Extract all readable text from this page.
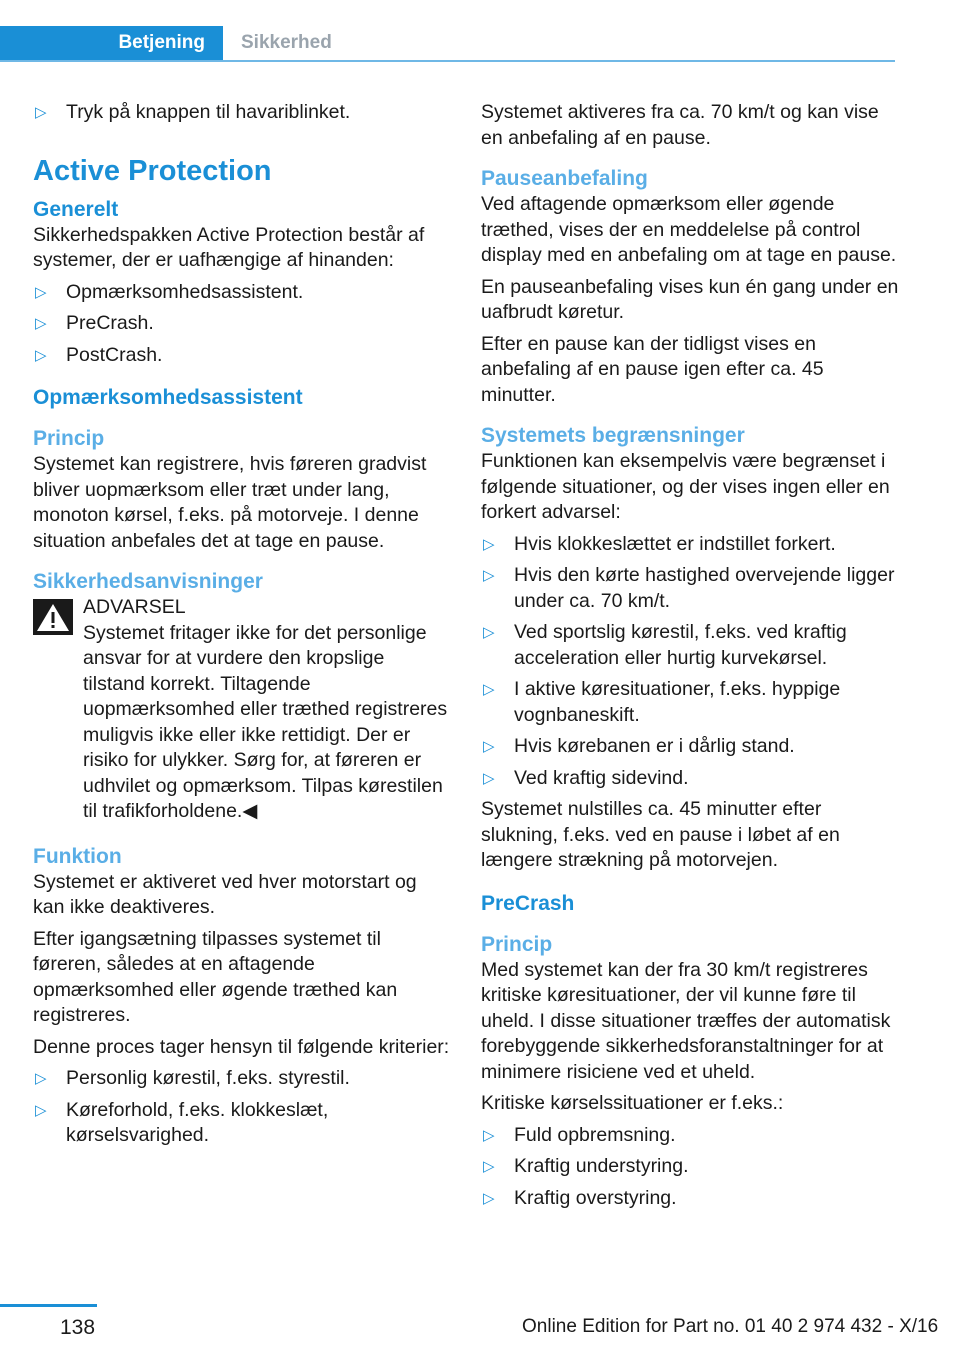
Betjening Sikkerhed
▷ Tryk på knappen til havariblinket.
Active Protection
Generelt

Sikkerhedspakken Active Protection består af systemer, der er uafhængige af hinanden:

▷ Opmærksomhedsassistent.
▷ PreCrash.
▷ PostCrash.
Opmærksomhedsassistent
Princip

Systemet kan registrere, hvis føreren gradvist bliver uopmærksom eller træt under lang, monoton kørsel, f.eks. på motorveje. I denne situation anbefales det at tage en pause.

Sikkerhedsanvisninger
ADVARSEL
Systemet fritager ikke for det personlige ansvar for at vurdere den kropslige tilstand korrekt. Tiltagende uopmærksomhed eller træthed registreres muligvis ikke eller ikke rettidigt. Der er risiko for ulykker. Sørg for, at føreren er udhvilet og opmærksom. Tilpas kørestilen til trafikforholdene.◀
Funktion

Systemet er aktiveret ved hver motorstart og kan ikke deaktiveres.

Efter igangsætning tilpasses systemet til føreren, således at en aftagende opmærksomhed eller øgende træthed kan registreres.

Denne proces tager hensyn til følgende kriterier:

▷ Personlig kørestil, f.eks. styrestil.
▷ Køreforhold, f.eks. klokkeslæt, kørselsvarighed.

Systemet aktiveres fra ca. 70 km/t og kan vise en anbefaling af en pause.

Pauseanbefaling

Ved aftagende opmærksom eller øgende træthed, vises der en meddelelse på control display med en anbefaling om at tage en pause.

En pauseanbefaling vises kun én gang under en uafbrudt køretur.

Efter en pause kan der tidligst vises en anbefaling af en pause igen efter ca. 45 minutter.

Systemets begrænsninger

Funktionen kan eksempelvis være begrænset i følgende situationer, og der vises ingen eller en forkert advarsel:

▷ Hvis klokkeslættet er indstillet forkert.
▷ Hvis den kørte hastighed overvejende ligger under ca. 70 km/t.
▷ Ved sportslig kørestil, f.eks. ved kraftig acceleration eller hurtig kurvekørsel.
▷ I aktive køresituationer, f.eks. hyppige vognbaneskift.
▷ Hvis kørebanen er i dårlig stand.
▷ Ved kraftig sidevind.

Systemet nulstilles ca. 45 minutter efter slukning, f.eks. ved en pause i løbet af en længere strækning på motorvejen.

PreCrash
Princip

Med systemet kan der fra 30 km/t registreres kritiske køresituationer, der vil kunne føre til uheld. I disse situationer træffes der automatisk forebyggende sikkerhedsforanstaltninger for at minimere risiciene ved et uheld.

Kritiske kørselssituationer er f.eks.:

▷ Fuld opbremsning.
▷ Kraftig understyring.
▷ Kraftig overstyring.
138	Online Edition for Part no. 01 40 2 974 432 - X/16
